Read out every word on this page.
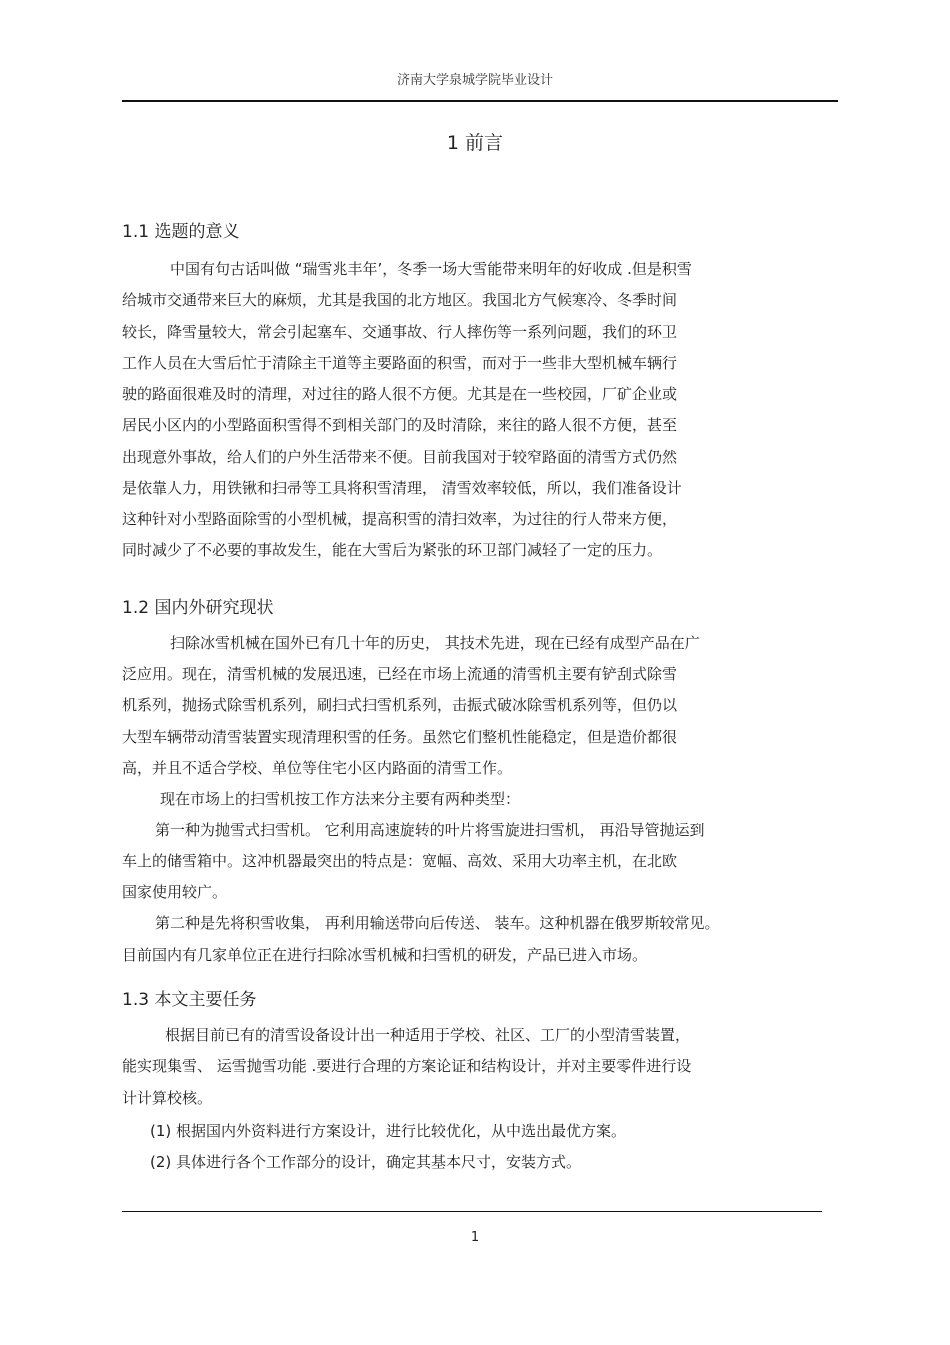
济南大学泉城学院毕业设计
1 前言
1.1 选题的意义
中国有句古话叫做 “瑞雪兆丰年’，冬季一场大雪能带来明年的好收成 .但是积雪
给城市交通带来巨大的麻烦，尤其是我国的北方地区。我国北方气候寒冷、冬季时间
较长，降雪量较大，常会引起塞车、交通事故、行人摔伤等一系列问题，我们的环卫
工作人员在大雪后忙于清除主干道等主要路面的积雪，而对于一些非大型机械车辆行
驶的路面很难及时的清理，对过往的路人很不方便。尤其是在一些校园，厂矿企业或
居民小区内的小型路面积雪得不到相关部门的及时清除，来往的路人很不方便，甚至
出现意外事故，给人们的户外生活带来不便。目前我国对于较窄路面的清雪方式仍然
是依靠人力，用铁锹和扫帚等工具将积雪清理， 清雪效率较低，所以，我们准备设计
这种针对小型路面除雪的小型机械，提高积雪的清扫效率，为过往的行人带来方便，
同时减少了不必要的事故发生，能在大雪后为紧张的环卫部门减轻了一定的压力。
1.2 国内外研究现状
扫除冰雪机械在国外已有几十年的历史， 其技术先进，现在已经有成型产品在广
泛应用。现在，清雪机械的发展迅速，已经在市场上流通的清雪机主要有铲刮式除雪
机系列，抛扬式除雪机系列，刷扫式扫雪机系列，击振式破冰除雪机系列等，但仍以
大型车辆带动清雪装置实现清理积雪的任务。虽然它们整机性能稳定，但是造价都很
高，并且不适合学校、单位等住宅小区内路面的清雪工作。
现在市场上的扫雪机按工作方法来分主要有两种类型：
第一种为抛雪式扫雪机。 它利用高速旋转的叶片将雪旋进扫雪机， 再沿导管抛运到
车上的储雪箱中。这冲机器最突出的特点是：宽幅、高效、采用大功率主机，在北欧
国家使用较广。
第二种是先将积雪收集， 再利用输送带向后传送、 装车。这种机器在俄罗斯较常见。
目前国内有几家单位正在进行扫除冰雪机械和扫雪机的研发，产品已进入市场。
1.3 本文主要任务
根据目前已有的清雪设备设计出一种适用于学校、社区、工厂的小型清雪装置，
能实现集雪、 运雪抛雪功能 .要进行合理的方案论证和结构设计，并对主要零件进行设
计计算校核。
(1) 根据国内外资料进行方案设计，进行比较优化，从中选出最优方案。
(2) 具体进行各个工作部分的设计，确定其基本尺寸，安装方式。
1
